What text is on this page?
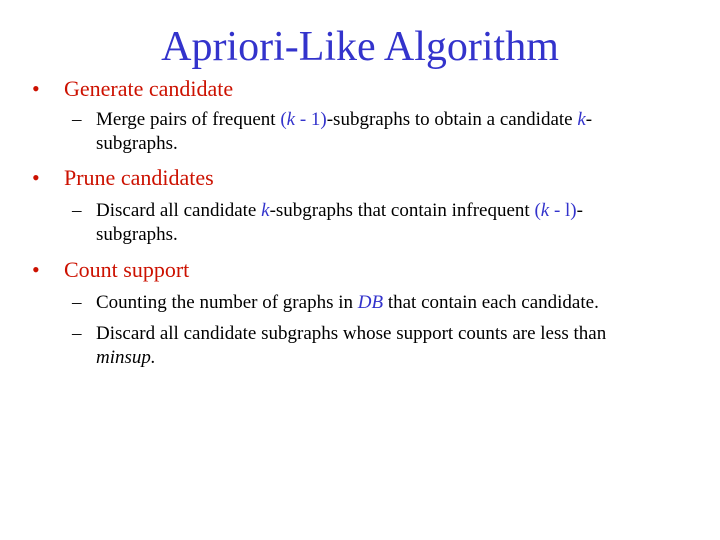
Apriori-Like Algorithm
• Generate candidate
– Merge pairs of frequent (k - 1)-subgraphs to obtain a candidate k-
subgraphs.
• Prune candidates
– Discard all candidate k-subgraphs that contain infrequent (k - l)-
subgraphs.
• Count support
– Counting the number of graphs in DB that contain each candidate.
– Discard all candidate subgraphs whose support counts are less than
minsup.
